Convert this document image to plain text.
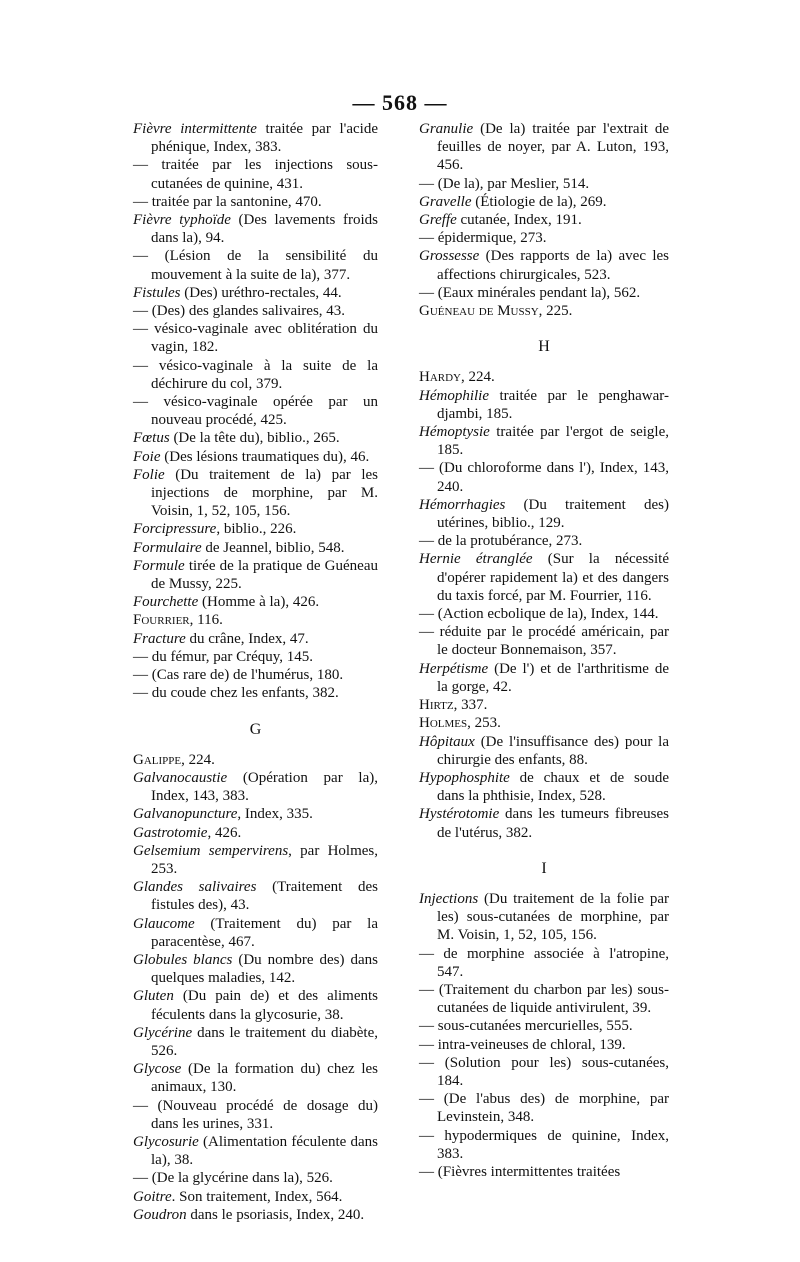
— 568 —

Fièvre intermittente traitée par l'acide phénique, Index, 383.

— traitée par les injections sous-cutanées de quinine, 431.

— traitée par la santonine, 470.

Fièvre typhoïde (Des lavements froids dans la), 94.

— (Lésion de la sensibilité du mouvement à la suite de la), 377.

Fistules (Des) uréthro-rectales, 44.

— (Des) des glandes salivaires, 43.

— vésico-vaginale avec oblitération du vagin, 182.

— vésico-vaginale à la suite de la déchirure du col, 379.

— vésico-vaginale opérée par un nouveau procédé, 425.

Fœtus (De la tête du), biblio., 265.

Foie (Des lésions traumatiques du), 46.

Folie (Du traitement de la) par les injections de morphine, par M. Voisin, 1, 52, 105, 156.

Forcipressure, biblio., 226.

Formulaire de Jeannel, biblio, 548.

Formule tirée de la pratique de Guéneau de Mussy, 225.

Fourchette (Homme à la), 426.

Fourrier, 116.

Fracture du crâne, Index, 47.

— du fémur, par Créquy, 145.

— (Cas rare de) de l'humérus, 180.

— du coude chez les enfants, 382.

G

Galippe, 224.

Galvanocaustie (Opération par la), Index, 143, 383.

Galvanopuncture, Index, 335.

Gastrotomie, 426.

Gelsemium sempervirens, par Holmes, 253.

Glandes salivaires (Traitement des fistules des), 43.

Glaucome (Traitement du) par la paracentèse, 467.

Globules blancs (Du nombre des) dans quelques maladies, 142.

Gluten (Du pain de) et des aliments féculents dans la glycosurie, 38.

Glycérine dans le traitement du diabète, 526.

Glycose (De la formation du) chez les animaux, 130.

— (Nouveau procédé de dosage du) dans les urines, 331.

Glycosurie (Alimentation féculente dans la), 38.

— (De la glycérine dans la), 526.

Goitre. Son traitement, Index, 564.

Goudron dans le psoriasis, Index, 240.

Granulie (De la) traitée par l'extrait de feuilles de noyer, par A. Luton, 193, 456.

— (De la), par Meslier, 514.

Gravelle (Étiologie de la), 269.

Greffe cutanée, Index, 191.

— épidermique, 273.

Grossesse (Des rapports de la) avec les affections chirurgicales, 523.

— (Eaux minérales pendant la), 562.

Guéneau de Mussy, 225.

H

Hardy, 224.

Hémophilie traitée par le penghawar-djambi, 185.

Hémoptysie traitée par l'ergot de seigle, 185.

— (Du chloroforme dans l'), Index, 143, 240.

Hémorrhagies (Du traitement des) utérines, biblio., 129.

— de la protubérance, 273.

Hernie étranglée (Sur la nécessité d'opérer rapidement la) et des dangers du taxis forcé, par M. Fourrier, 116.

— (Action ecbolique de la), Index, 144.

— réduite par le procédé américain, par le docteur Bonnemaison, 357.

Herpétisme (De l') et de l'arthritisme de la gorge, 42.

Hirtz, 337.

Holmes, 253.

Hôpitaux (De l'insuffisance des) pour la chirurgie des enfants, 88.

Hypophosphite de chaux et de soude dans la phthisie, Index, 528.

Hystérotomie dans les tumeurs fibreuses de l'utérus, 382.

I

Injections (Du traitement de la folie par les) sous-cutanées de morphine, par M. Voisin, 1, 52, 105, 156.

— de morphine associée à l'atropine, 547.

— (Traitement du charbon par les) sous-cutanées de liquide antivirulent, 39.

— sous-cutanées mercurielles, 555.

— intra-veineuses de chloral, 139.

— (Solution pour les) sous-cutanées, 184.

— (De l'abus des) de morphine, par Levinstein, 348.

— hypodermiques de quinine, Index, 383.

— (Fièvres intermittentes traitées
